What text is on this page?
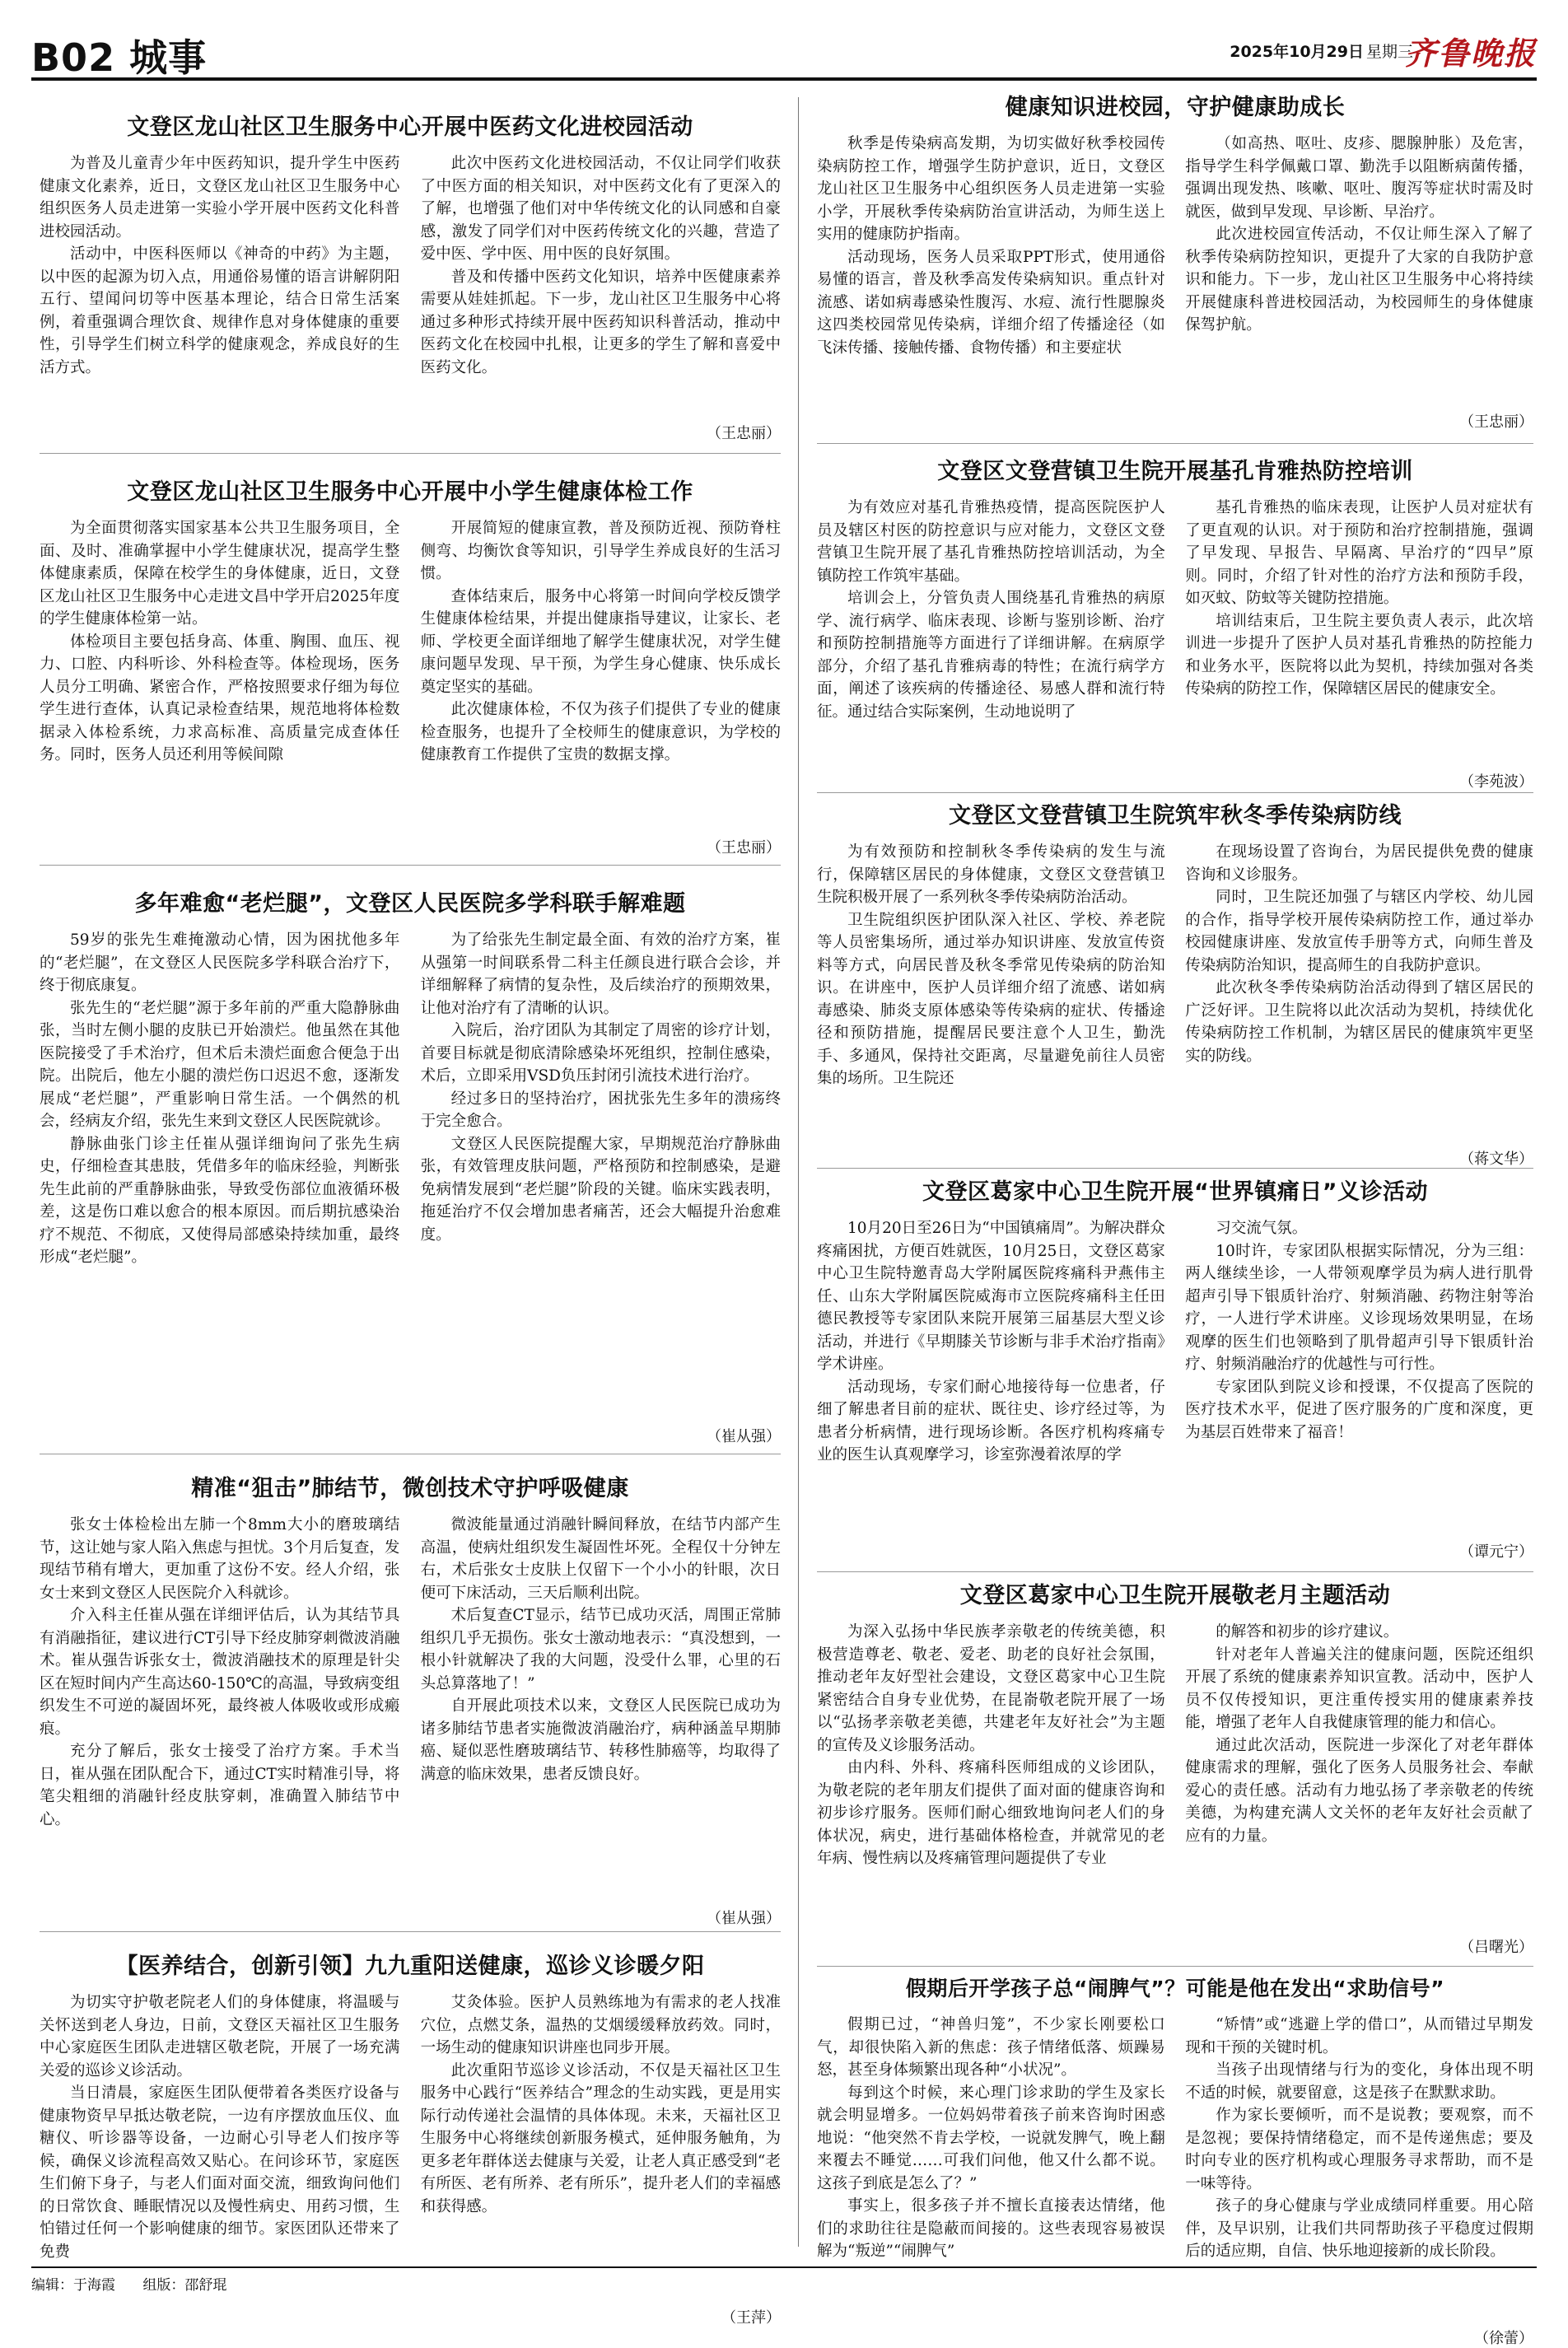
B02 城事	2025年10月29日 星期三
齐鲁晚报
文登区龙山社区卫生服务中心开展中医药文化进校园活动

为普及儿童青少年中医药知识，提升学生中医药健康文化素养，近日，文登区龙山社区卫生服务中心组织医务人员走进第一实验小学开展中医药文化科普进校园活动。

活动中，中医科医师以《神奇的中药》为主题，以中医的起源为切入点，用通俗易懂的语言讲解阴阳五行、望闻问切等中医基本理论，结合日常生活案例，着重强调合理饮食、规律作息对身体健康的重要性，引导学生们树立科学的健康观念，养成良好的生活方式。

此次中医药文化进校园活动，不仅让同学们收获了中医方面的相关知识，对中医药文化有了更深入的了解，也增强了他们对中华传统文化的认同感和自豪感，激发了同学们对中医药传统文化的兴趣，营造了爱中医、学中医、用中医的良好氛围。

普及和传播中医药文化知识，培养中医健康素养需要从娃娃抓起。下一步，龙山社区卫生服务中心将通过多种形式持续开展中医药知识科普活动，推动中医药文化在校园中扎根，让更多的学生了解和喜爱中医药文化。

（王忠丽）
文登区龙山社区卫生服务中心开展中小学生健康体检工作

为全面贯彻落实国家基本公共卫生服务项目，全面、及时、准确掌握中小学生健康状况，提高学生整体健康素质，保障在校学生的身体健康，近日，文登区龙山社区卫生服务中心走进文昌中学开启2025年度的学生健康体检第一站。

体检项目主要包括身高、体重、胸围、血压、视力、口腔、内科听诊、外科检查等。体检现场，医务人员分工明确、紧密合作，严格按照要求仔细为每位学生进行查体，认真记录检查结果，规范地将体检数据录入体检系统，力求高标准、高质量完成查体任务。同时，医务人员还利用等候间隙

开展简短的健康宣教，普及预防近视、预防脊柱侧弯、均衡饮食等知识，引导学生养成良好的生活习惯。

查体结束后，服务中心将第一时间向学校反馈学生健康体检结果，并提出健康指导建议，让家长、老师、学校更全面详细地了解学生健康状况，对学生健康问题早发现、早干预，为学生身心健康、快乐成长奠定坚实的基础。

此次健康体检，不仅为孩子们提供了专业的健康检查服务，也提升了全校师生的健康意识，为学校的健康教育工作提供了宝贵的数据支撑。

（王忠丽）
多年难愈“老烂腿”，文登区人民医院多学科联手解难题

59岁的张先生难掩激动心情，因为困扰他多年的“老烂腿”，在文登区人民医院多学科联合治疗下，终于彻底康复。

张先生的“老烂腿”源于多年前的严重大隐静脉曲张，当时左侧小腿的皮肤已开始溃烂。他虽然在其他医院接受了手术治疗，但术后未溃烂面愈合便急于出院。出院后，他左小腿的溃烂伤口迟迟不愈，逐渐发展成“老烂腿”，严重影响日常生活。一个偶然的机会，经病友介绍，张先生来到文登区人民医院就诊。

静脉曲张门诊主任崔从强详细询问了张先生病史，仔细检查其患肢，凭借多年的临床经验，判断张先生此前的严重静脉曲张，导致受伤部位血液循环极差，这是伤口难以愈合的根本原因。而后期抗感染治疗不规范、不彻底，又使得局部感染持续加重，最终形成“老烂腿”。

为了给张先生制定最全面、有效的治疗方案，崔从强第一时间联系骨二科主任颜良进行联合会诊，并详细解释了病情的复杂性，及后续治疗的预期效果，让他对治疗有了清晰的认识。

入院后，治疗团队为其制定了周密的诊疗计划，首要目标就是彻底清除感染坏死组织，控制住感染，术后，立即采用VSD负压封闭引流技术进行治疗。

经过多日的坚持治疗，困扰张先生多年的溃疡终于完全愈合。

文登区人民医院提醒大家，早期规范治疗静脉曲张，有效管理皮肤问题，严格预防和控制感染，是避免病情发展到“老烂腿”阶段的关键。临床实践表明，拖延治疗不仅会增加患者痛苦，还会大幅提升治愈难度。

（崔从强）
精准“狙击”肺结节，微创技术守护呼吸健康

张女士体检检出左肺一个8mm大小的磨玻璃结节，这让她与家人陷入焦虑与担忧。3个月后复查，发现结节稍有增大，更加重了这份不安。经人介绍，张女士来到文登区人民医院介入科就诊。

介入科主任崔从强在详细评估后，认为其结节具有消融指征，建议进行CT引导下经皮肺穿刺微波消融术。崔从强告诉张女士，微波消融技术的原理是针尖区在短时间内产生高达60-150℃的高温，导致病变组织发生不可逆的凝固坏死，最终被人体吸收或形成瘢痕。

充分了解后，张女士接受了治疗方案。手术当日，崔从强在团队配合下，通过CT实时精准引导，将笔尖粗细的消融针经皮肤穿刺，准确置入肺结节中心。

微波能量通过消融针瞬间释放，在结节内部产生高温，使病灶组织发生凝固性坏死。全程仅十分钟左右，术后张女士皮肤上仅留下一个小小的针眼，次日便可下床活动，三天后顺利出院。

术后复查CT显示，结节已成功灭活，周围正常肺组织几乎无损伤。张女士激动地表示：“真没想到，一根小针就解决了我的大问题，没受什么罪，心里的石头总算落地了！”

自开展此项技术以来，文登区人民医院已成功为诸多肺结节患者实施微波消融治疗，病种涵盖早期肺癌、疑似恶性磨玻璃结节、转移性肺癌等，均取得了满意的临床效果，患者反馈良好。

（崔从强）
【医养结合，创新引领】九九重阳送健康，巡诊义诊暖夕阳

为切实守护敬老院老人们的身体健康，将温暖与关怀送到老人身边，日前，文登区天福社区卫生服务中心家庭医生团队走进辖区敬老院，开展了一场充满关爱的巡诊义诊活动。

当日清晨，家庭医生团队便带着各类医疗设备与健康物资早早抵达敬老院，一边有序摆放血压仪、血糖仪、听诊器等设备，一边耐心引导老人们按序等候，确保义诊流程高效又贴心。在问诊环节，家庭医生们俯下身子，与老人们面对面交流，细致询问他们的日常饮食、睡眠情况以及慢性病史、用药习惯，生怕错过任何一个影响健康的细节。家医团队还带来了免费

艾灸体验。医护人员熟练地为有需求的老人找准穴位，点燃艾条，温热的艾烟缓缓释放药效。同时，一场生动的健康知识讲座也同步开展。

此次重阳节巡诊义诊活动，不仅是天福社区卫生服务中心践行“医养结合”理念的生动实践，更是用实际行动传递社会温情的具体体现。未来，天福社区卫生服务中心将继续创新服务模式，延伸服务触角，为更多老年群体送去健康与关爱，让老人真正感受到“老有所医、老有所养、老有所乐”，提升老人们的幸福感和获得感。

（王萍）
健康知识进校园，守护健康助成长

秋季是传染病高发期，为切实做好秋季校园传染病防控工作，增强学生防护意识，近日，文登区龙山社区卫生服务中心组织医务人员走进第一实验小学，开展秋季传染病防治宣讲活动，为师生送上实用的健康防护指南。

活动现场，医务人员采取PPT形式，使用通俗易懂的语言，普及秋季高发传染病知识。重点针对流感、诺如病毒感染性腹泻、水痘、流行性腮腺炎这四类校园常见传染病，详细介绍了传播途径（如飞沫传播、接触传播、食物传播）和主要症状

（如高热、呕吐、皮疹、腮腺肿胀）及危害，指导学生科学佩戴口罩、勤洗手以阻断病菌传播，强调出现发热、咳嗽、呕吐、腹泻等症状时需及时就医，做到早发现、早诊断、早治疗。

此次进校园宣传活动，不仅让师生深入了解了秋季传染病防控知识，更提升了大家的自我防护意识和能力。下一步，龙山社区卫生服务中心将持续开展健康科普进校园活动，为校园师生的身体健康保驾护航。

（王忠丽）
文登区文登营镇卫生院开展基孔肯雅热防控培训

为有效应对基孔肯雅热疫情，提高医院医护人员及辖区村医的防控意识与应对能力，文登区文登营镇卫生院开展了基孔肯雅热防控培训活动，为全镇防控工作筑牢基础。

培训会上，分管负责人围绕基孔肯雅热的病原学、流行病学、临床表现、诊断与鉴别诊断、治疗和预防控制措施等方面进行了详细讲解。在病原学部分，介绍了基孔肯雅病毒的特性；在流行病学方面，阐述了该疾病的传播途径、易感人群和流行特征。通过结合实际案例，生动地说明了

基孔肯雅热的临床表现，让医护人员对症状有了更直观的认识。对于预防和治疗控制措施，强调了早发现、早报告、早隔离、早治疗的“四早”原则。同时，介绍了针对性的治疗方法和预防手段，如灭蚊、防蚊等关键防控措施。

培训结束后，卫生院主要负责人表示，此次培训进一步提升了医护人员对基孔肯雅热的防控能力和业务水平，医院将以此为契机，持续加强对各类传染病的防控工作，保障辖区居民的健康安全。

（李苑波）
文登区文登营镇卫生院筑牢秋冬季传染病防线

为有效预防和控制秋冬季传染病的发生与流行，保障辖区居民的身体健康，文登区文登营镇卫生院积极开展了一系列秋冬季传染病防治活动。

卫生院组织医护团队深入社区、学校、养老院等人员密集场所，通过举办知识讲座、发放宣传资料等方式，向居民普及秋冬季常见传染病的防治知识。在讲座中，医护人员详细介绍了流感、诺如病毒感染、肺炎支原体感染等传染病的症状、传播途径和预防措施，提醒居民要注意个人卫生，勤洗手、多通风，保持社交距离，尽量避免前往人员密集的场所。卫生院还

在现场设置了咨询台，为居民提供免费的健康咨询和义诊服务。

同时，卫生院还加强了与辖区内学校、幼儿园的合作，指导学校开展传染病防控工作，通过举办校园健康讲座、发放宣传手册等方式，向师生普及传染病防治知识，提高师生的自我防护意识。

此次秋冬季传染病防治活动得到了辖区居民的广泛好评。卫生院将以此次活动为契机，持续优化传染病防控工作机制，为辖区居民的健康筑牢更坚实的防线。

（蒋文华）
文登区葛家中心卫生院开展“世界镇痛日”义诊活动

10月20日至26日为“中国镇痛周”。为解决群众疼痛困扰，方便百姓就医，10月25日，文登区葛家中心卫生院特邀青岛大学附属医院疼痛科尹燕伟主任、山东大学附属医院威海市立医院疼痛科主任田德民教授等专家团队来院开展第三届基层大型义诊活动，并进行《早期膝关节诊断与非手术治疗指南》学术讲座。

活动现场，专家们耐心地接待每一位患者，仔细了解患者目前的症状、既往史、诊疗经过等，为患者分析病情，进行现场诊断。各医疗机构疼痛专业的医生认真观摩学习，诊室弥漫着浓厚的学

习交流气氛。

10时许，专家团队根据实际情况，分为三组：两人继续坐诊，一人带领观摩学员为病人进行肌骨超声引导下银质针治疗、射频消融、药物注射等治疗，一人进行学术讲座。义诊现场效果明显，在场观摩的医生们也领略到了肌骨超声引导下银质针治疗、射频消融治疗的优越性与可行性。

专家团队到院义诊和授课，不仅提高了医院的医疗技术水平，促进了医疗服务的广度和深度，更为基层百姓带来了福音！

（谭元宁）
文登区葛家中心卫生院开展敬老月主题活动

为深入弘扬中华民族孝亲敬老的传统美德，积极营造尊老、敬老、爱老、助老的良好社会氛围，推动老年友好型社会建设，文登区葛家中心卫生院紧密结合自身专业优势，在昆嵛敬老院开展了一场以“弘扬孝亲敬老美德，共建老年友好社会”为主题的宣传及义诊服务活动。

由内科、外科、疼痛科医师组成的义诊团队，为敬老院的老年朋友们提供了面对面的健康咨询和初步诊疗服务。医师们耐心细致地询问老人们的身体状况，病史，进行基础体格检查，并就常见的老年病、慢性病以及疼痛管理问题提供了专业

的解答和初步的诊疗建议。

针对老年人普遍关注的健康问题，医院还组织开展了系统的健康素养知识宣教。活动中，医护人员不仅传授知识，更注重传授实用的健康素养技能，增强了老年人自我健康管理的能力和信心。

通过此次活动，医院进一步深化了对老年群体健康需求的理解，强化了医务人员服务社会、奉献爱心的责任感。活动有力地弘扬了孝亲敬老的传统美德，为构建充满人文关怀的老年友好社会贡献了应有的力量。

（吕曙光）
假期后开学孩子总“闹脾气”？可能是他在发出“求助信号”

假期已过，“神兽归笼”，不少家长刚要松口气，却很快陷入新的焦虑：孩子情绪低落、烦躁易怒，甚至身体频繁出现各种“小状况”。

每到这个时候，来心理门诊求助的学生及家长就会明显增多。一位妈妈带着孩子前来咨询时困惑地说：“他突然不肯去学校，一说就发脾气，晚上翻来覆去不睡觉……可我们问他，他又什么都不说。这孩子到底是怎么了？”

事实上，很多孩子并不擅长直接表达情绪，他们的求助往往是隐蔽而间接的。这些表现容易被误解为“叛逆”“闹脾气”

“矫情”或“逃避上学的借口”，从而错过早期发现和干预的关键时机。

当孩子出现情绪与行为的变化，身体出现不明不适的时候，就要留意，这是孩子在默默求助。

作为家长要倾听，而不是说教；要观察，而不是忽视；要保持情绪稳定，而不是传递焦虑；要及时向专业的医疗机构或心理服务寻求帮助，而不是一味等待。

孩子的身心健康与学业成绩同样重要。用心陪伴，及早识别，让我们共同帮助孩子平稳度过假期后的适应期，自信、快乐地迎接新的成长阶段。

（徐蕾）
编辑：于海霞 组版：邵舒琨
